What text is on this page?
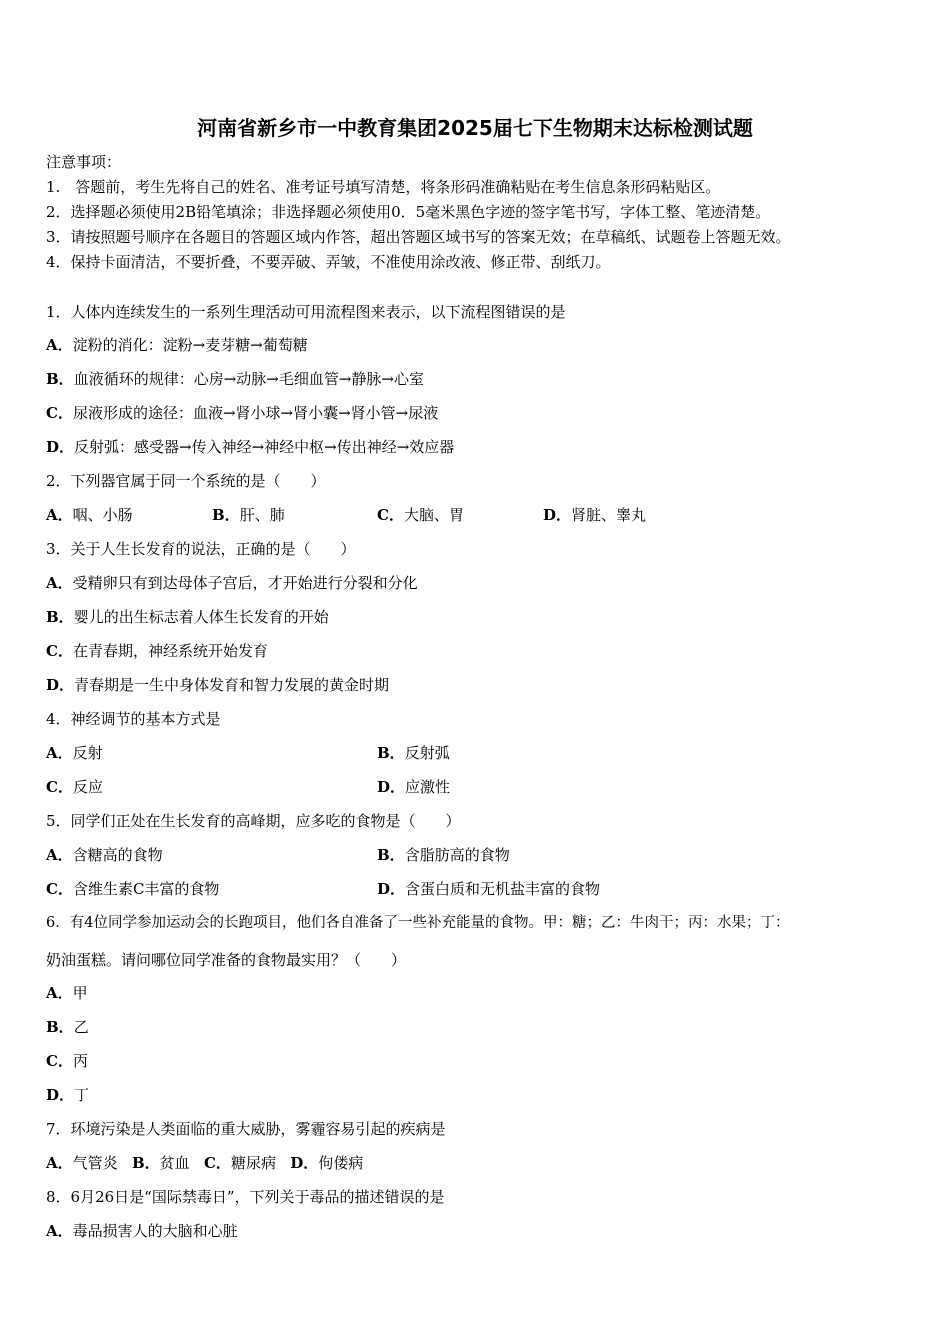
河南省新乡市一中教育集团2025届七下生物期末达标检测试题
注意事项：
1.　答题前，考生先将自己的姓名、准考证号填写清楚，将条形码准确粘贴在考生信息条形码粘贴区。
2．选择题必须使用2B铅笔填涂；非选择题必须使用0．5毫米黑色字迹的签字笔书写，字体工整、笔迹清楚。
3．请按照题号顺序在各题目的答题区域内作答，超出答题区域书写的答案无效；在草稿纸、试题卷上答题无效。
4．保持卡面清洁，不要折叠，不要弄破、弄皱，不准使用涂改液、修正带、刮纸刀。
1．人体内连续发生的一系列生理活动可用流程图来表示，以下流程图错误的是
A．淀粉的消化：淀粉→麦芽糖→葡萄糖
B．血液循环的规律：心房→动脉→毛细血管→静脉→心室
C．尿液形成的途径：血液→肾小球→肾小囊→肾小管→尿液
D．反射弧：感受器→传入神经→神经中枢→传出神经→效应器
2．下列器官属于同一个系统的是（　　）
A．咽、小肠	B．肝、肺	C．大脑、胃	D．肾脏、睾丸
3．关于人生长发育的说法，正确的是（　　）
A．受精卵只有到达母体子宫后，才开始进行分裂和分化
B．婴儿的出生标志着人体生长发育的开始
C．在青春期，神经系统开始发育
D．青春期是一生中身体发育和智力发展的黄金时期
4．神经调节的基本方式是
A．反射	B．反射弧
C．反应	D．应激性
5．同学们正处在生长发育的高峰期，应多吃的食物是（　　）
A．含糖高的食物	B．含脂肪高的食物
C．含维生素C丰富的食物	D．含蛋白质和无机盐丰富的食物
6．有4位同学参加运动会的长跑项目，他们各自准备了一些补充能量的食物。甲：糖；乙：牛肉干；丙：水果；丁：
奶油蛋糕。请问哪位同学准备的食物最实用？（　　）
A．甲
B．乙
C．丙
D．丁
7．环境污染是人类面临的重大威胁，雾霾容易引起的疾病是
A．气管炎 B．贫血 C．糖尿病 D．佝偻病
8．6月26日是“国际禁毒日”，下列关于毒品的描述错误的是
A．毒品损害人的大脑和心脏
